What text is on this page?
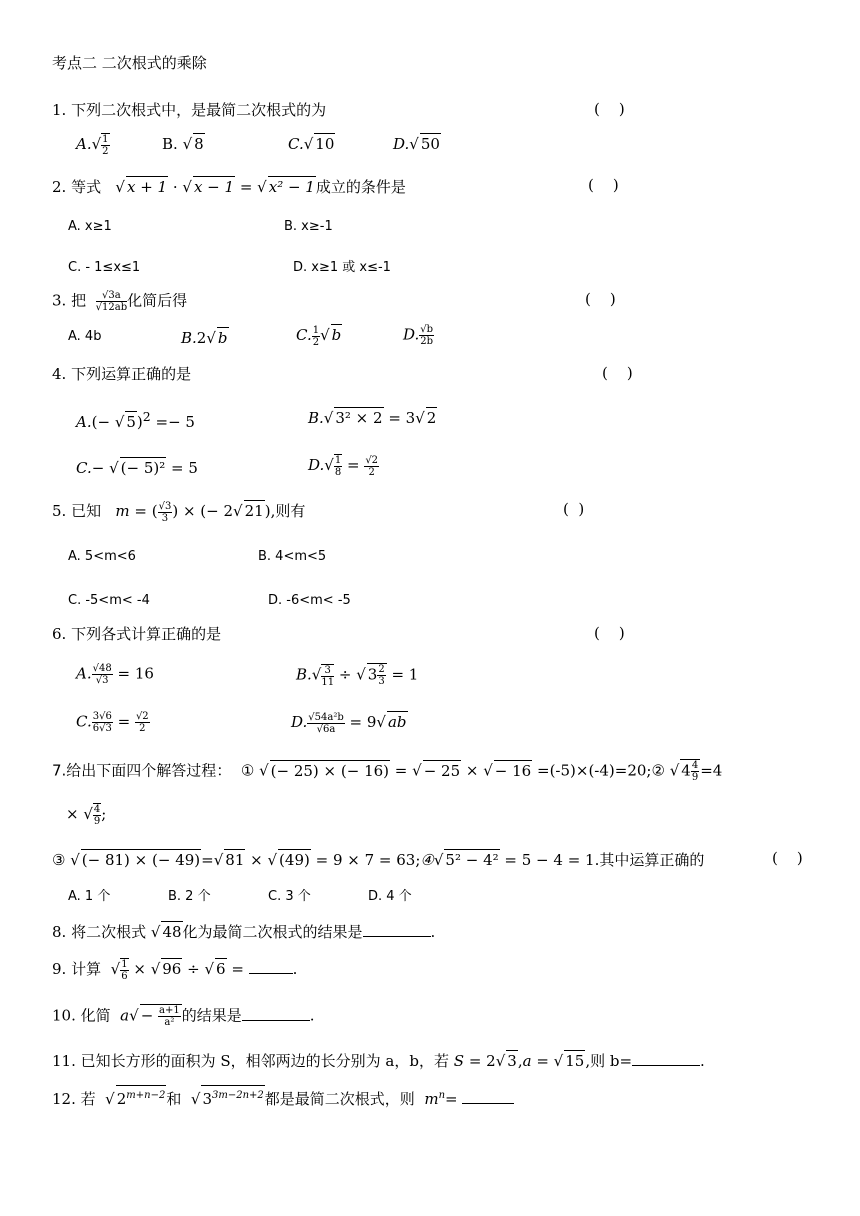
考点二 二次根式的乘除
1. 下列二次根式中，是最简二次根式的为	(    )
$A.√ \frac{1}{2}$	B. √ 8	C.√ 10	D.√ 50
2. 等式 √ x + 1 · √ x − 1 = √ x² − 1成立的条件是	(    )
A. x≥1	B. x≥-1
C. - 1≤x≤1	D. x≥1 或 x≤-1
3. 把 $\frac{√3a}{√12ab}$ 化简后得	(    )
A. 4b	B.2√ b	C. $\frac{1}{2}$ √ b	D. $\frac{√b}{2b}$
4. 下列运算正确的是	(    )
A.(− √ 5)$^2$ =− 5	B.√ 3² × 2 = 3√ 2
C.− √ (− 5)² = 5	$D.√ \frac{1}{8} = \frac{√2}{2}$
5. 已知 m = ( $\frac{√3}{3}$ ) × (− 2√ 21),则有	(  )
A. 5<m<6	B. 4<m<5
C. -5<m< -4	D. -6<m< -5
6. 下列各式计算正确的是	(    )
A. $\frac{√48}{√3} = 16$	$B.√ \frac{3}{11}$ ÷ √ $3 \frac{2}{3} = 1$
C. $\frac{3√6}{6√3} = \frac{√2}{2}$	D. $\frac{\text{√54a²b}}{√6a} = 9√$ ab
7.给出下面四个解答过程：  ① √ (− 25) × (− 16) = √ − 25 × √ − 16 =(-5)×(-4)=20;② √ $4 \frac{4}{9} =4$
× √ $\frac{4}{9}$ ;
③ √ (− 81) × (− 49)=√ 81 × √ (49) = 9 × 7 = 63;④√ 5² − 4² = 5 − 4 = 1.其中运算正确的	(    )
A. 1 个	B. 2 个	C. 3 个	D. 4 个
8. 将二次根式 √ 48化为最简二次根式的结果是	.
9. 计算 √ $\frac{1}{6}$ × √ 96 ÷ √ 6 =	.
10. 化简 $a√ - \frac{a+1}{\text{a²}}$ 的结果是	.
11. 已知长方形的面积为 S，相邻两边的长分别为 a，b，若 S = 2√ 3,a = √ 15,则 b=	.
12. 若 √ $2^{m+n-2}$和 √ $3^{3m-2n+2}$都是最简二次根式，则 $m^n=$
